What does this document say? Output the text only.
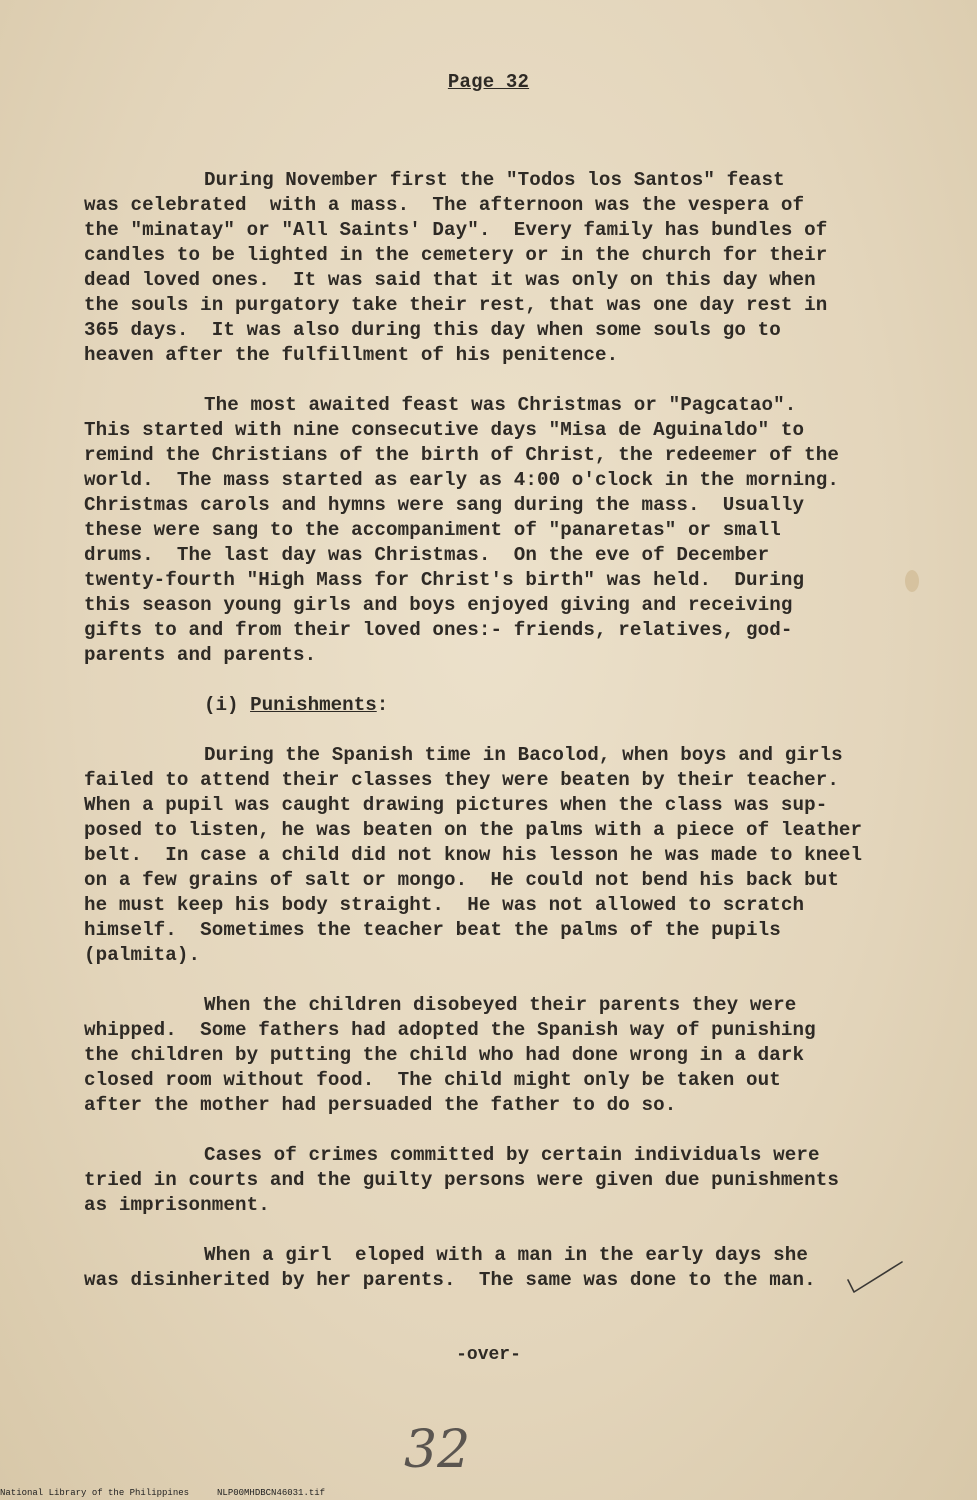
Page 32

During November first the "Todos los Santos" feast
was celebrated  with a mass.  The afternoon was the vespera of
the "minatay" or "All Saints' Day".  Every family has bundles of
candles to be lighted in the cemetery or in the church for their
dead loved ones.  It was said that it was only on this day when
the souls in purgatory take their rest, that was one day rest in
365 days.  It was also during this day when some souls go to
heaven after the fulfillment of his penitence.

The most awaited feast was Christmas or "Pagcatao".
This started with nine consecutive days "Misa de Aguinaldo" to
remind the Christians of the birth of Christ, the redeemer of the
world.  The mass started as early as 4:00 o'clock in the morning.
Christmas carols and hymns were sang during the mass.  Usually
these were sang to the accompaniment of "panaretas" or small
drums.  The last day was Christmas.  On the eve of December
twenty-fourth "High Mass for Christ's birth" was held.  During
this season young girls and boys enjoyed giving and receiving
gifts to and from their loved ones:- friends, relatives, god-
parents and parents.

(i) Punishments:

During the Spanish time in Bacolod, when boys and girls
failed to attend their classes they were beaten by their teacher.
When a pupil was caught drawing pictures when the class was sup-
posed to listen, he was beaten on the palms with a piece of leather
belt.  In case a child did not know his lesson he was made to kneel
on a few grains of salt or mongo.  He could not bend his back but
he must keep his body straight.  He was not allowed to scratch
himself.  Sometimes the teacher beat the palms of the pupils
(palmita).

When the children disobeyed their parents they were
whipped.  Some fathers had adopted the Spanish way of punishing
the children by putting the child who had done wrong in a dark
closed room without food.  The child might only be taken out
after the mother had persuaded the father to do so.

Cases of crimes committed by certain individuals were
tried in courts and the guilty persons were given due punishments
as imprisonment.

When a girl  eloped with a man in the early days she
was disinherited by her parents.  The same was done to the man.

-over-

32

National Library of the Philippines	NLP00MHDBCN46031.tif
